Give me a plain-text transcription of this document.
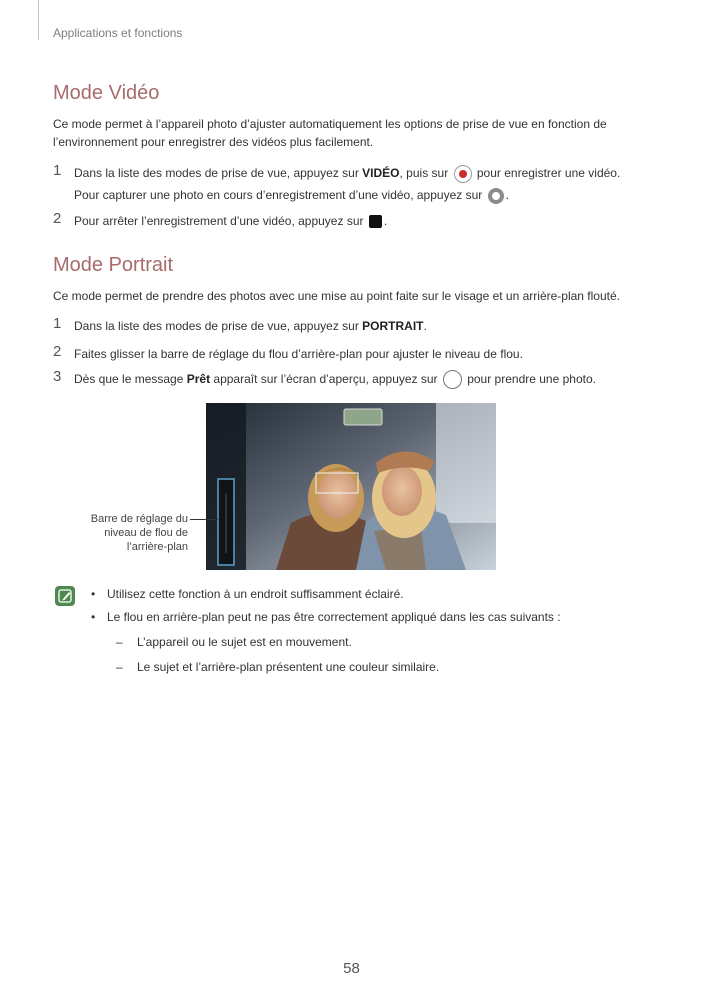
Applications et fonctions
Mode Vidéo
Ce mode permet à l’appareil photo d’ajuster automatiquement les options de prise de vue en fonction de
l’environnement pour enregistrer des vidéos plus facilement.
1 Dans la liste des modes de prise de vue, appuyez sur VIDÉO, puis sur  pour enregistrer une vidéo.
Pour capturer une photo en cours d’enregistrement d’une vidéo, appuyez sur .
2 Pour arrêter l’enregistrement d’une vidéo, appuyez sur .
Mode Portrait
Ce mode permet de prendre des photos avec une mise au point faite sur le visage et un arrière-plan flouté.
1 Dans la liste des modes de prise de vue, appuyez sur PORTRAIT.
2 Faites glisser la barre de réglage du flou d’arrière-plan pour ajuster le niveau de flou.
3 Dès que le message Prêt apparaît sur l’écran d’aperçu, appuyez sur  pour prendre une photo.
Barre de réglage du
niveau de flou de
l’arrière-plan
• Utilisez cette fonction à un endroit suffisamment éclairé.
• Le flou en arrière-plan peut ne pas être correctement appliqué dans les cas suivants :
– L’appareil ou le sujet est en mouvement.
– Le sujet et l’arrière-plan présentent une couleur similaire.
58
